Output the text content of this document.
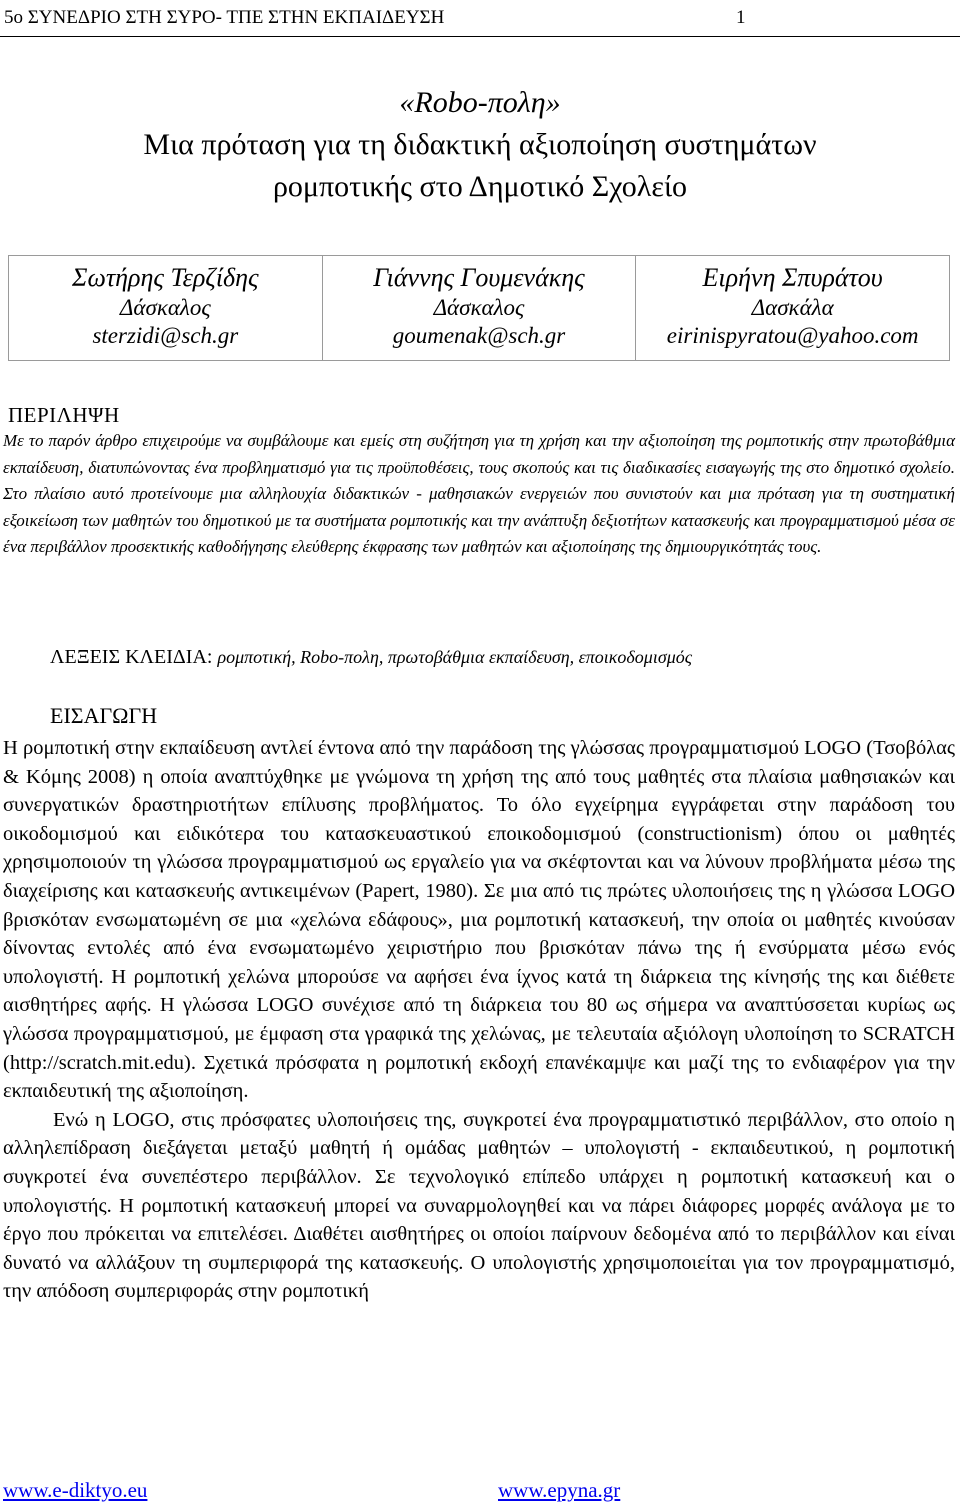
5ο ΣΥΝΕΔΡΙΟ ΣΤΗ ΣΥΡΟ- ΤΠΕ ΣΤΗΝ ΕΚΠΑΙΔΕΥΣΗ	1
«Robo-πολη»
Μια πρόταση για τη διδακτική αξιοποίηση συστημάτων
ρομποτικής στο Δημοτικό Σχολείο
Σωτήρης Τερζίδης
Δάσκαλος
sterzidi@sch.gr

Γιάννης Γουμενάκης
Δάσκαλος
goumenak@sch.gr

Ειρήνη Σπυράτου
Δασκάλα
eirinispyratou@yahoo.com
ΠΕΡΙΛΗΨΗ
Με το παρόν άρθρο επιχειρούμε να συμβάλουμε και εμείς στη συζήτηση για τη χρήση και την αξιοποίηση της ρομποτικής στην πρωτοβάθμια εκπαίδευση, διατυπώνοντας ένα προβληματισμό για τις προϋποθέσεις, τους σκοπούς και τις διαδικασίες εισαγωγής της στο δημοτικό σχολείο. Στο πλαίσιο αυτό προτείνουμε μια αλληλουχία διδακτικών - μαθησιακών ενεργειών που συνιστούν και μια πρόταση για τη συστηματική εξοικείωση των μαθητών του δημοτικού με τα συστήματα ρομποτικής και την ανάπτυξη δεξιοτήτων κατασκευής και προγραμματισμού μέσα σε ένα περιβάλλον προσεκτικής καθοδήγησης ελεύθερης έκφρασης των μαθητών και αξιοποίησης της δημιουργικότητάς τους.
ΛΕΞΕΙΣ ΚΛΕΙΔΙΑ: ρομποτική, Robo-πολη, πρωτοβάθμια εκπαίδευση, εποικοδομισμός
ΕΙΣΑΓΩΓΗ

Η ρομποτική στην εκπαίδευση αντλεί έντονα από την παράδοση της γλώσσας προγραμματισμού LOGO (Τσοβόλας & Κόμης 2008) η οποία αναπτύχθηκε με γνώμονα τη χρήση της από τους μαθητές στα πλαίσια μαθησιακών και συνεργατικών δραστηριοτήτων επίλυσης προβλήματος. Το όλο εγχείρημα εγγράφεται στην παράδοση του οικοδομισμού και ειδικότερα του κατασκευαστικού εποικοδομισμού (constructionism) όπου οι μαθητές χρησιμοποιούν τη γλώσσα προγραμματισμού ως εργαλείο για να σκέφτονται και να λύνουν προβλήματα μέσω της διαχείρισης και κατασκευής αντικειμένων (Papert, 1980). Σε μια από τις πρώτες υλοποιήσεις της η γλώσσα LOGO βρισκόταν ενσωματωμένη σε μια «χελώνα εδάφους», μια ρομποτική κατασκευή, την οποία οι μαθητές κινούσαν δίνοντας εντολές από ένα ενσωματωμένο χειριστήριο που βρισκόταν πάνω της ή ενσύρματα μέσω ενός υπολογιστή. Η ρομποτική χελώνα μπορούσε να αφήσει ένα ίχνος κατά τη διάρκεια της κίνησής της και διέθετε αισθητήρες αφής. Η γλώσσα LOGO συνέχισε από τη διάρκεια του 80 ως σήμερα να αναπτύσσεται κυρίως ως γλώσσα προγραμματισμού, με έμφαση στα γραφικά της χελώνας, με τελευταία αξιόλογη υλοποίηση το SCRATCH (http://scratch.mit.edu). Σχετικά πρόσφατα η ρομποτική εκδοχή επανέκαμψε και μαζί της το ενδιαφέρον για την εκπαιδευτική της αξιοποίηση.

Ενώ η LOGO, στις πρόσφατες υλοποιήσεις της, συγκροτεί ένα προγραμματιστικό περιβάλλον, στο οποίο η αλληλεπίδραση διεξάγεται μεταξύ μαθητή ή ομάδας μαθητών – υπολογιστή - εκπαιδευτικού, η ρομποτική συγκροτεί ένα συνεπέστερο περιβάλλον. Σε τεχνολογικό επίπεδο υπάρχει η ρομποτική κατασκευή και ο υπολογιστής. Η ρομποτική κατασκευή μπορεί να συναρμολογηθεί και να πάρει διάφορες μορφές ανάλογα με το έργο που πρόκειται να επιτελέσει. Διαθέτει αισθητήρες οι οποίοι παίρνουν δεδομένα από το περιβάλλον και είναι δυνατό να αλλάξουν τη συμπεριφορά της κατασκευής. Ο υπολογιστής χρησιμοποιείται για τον προγραμματισμό, την απόδοση συμπεριφοράς στην ρομποτική

www.e-diktyo.eu	www.epyna.gr
